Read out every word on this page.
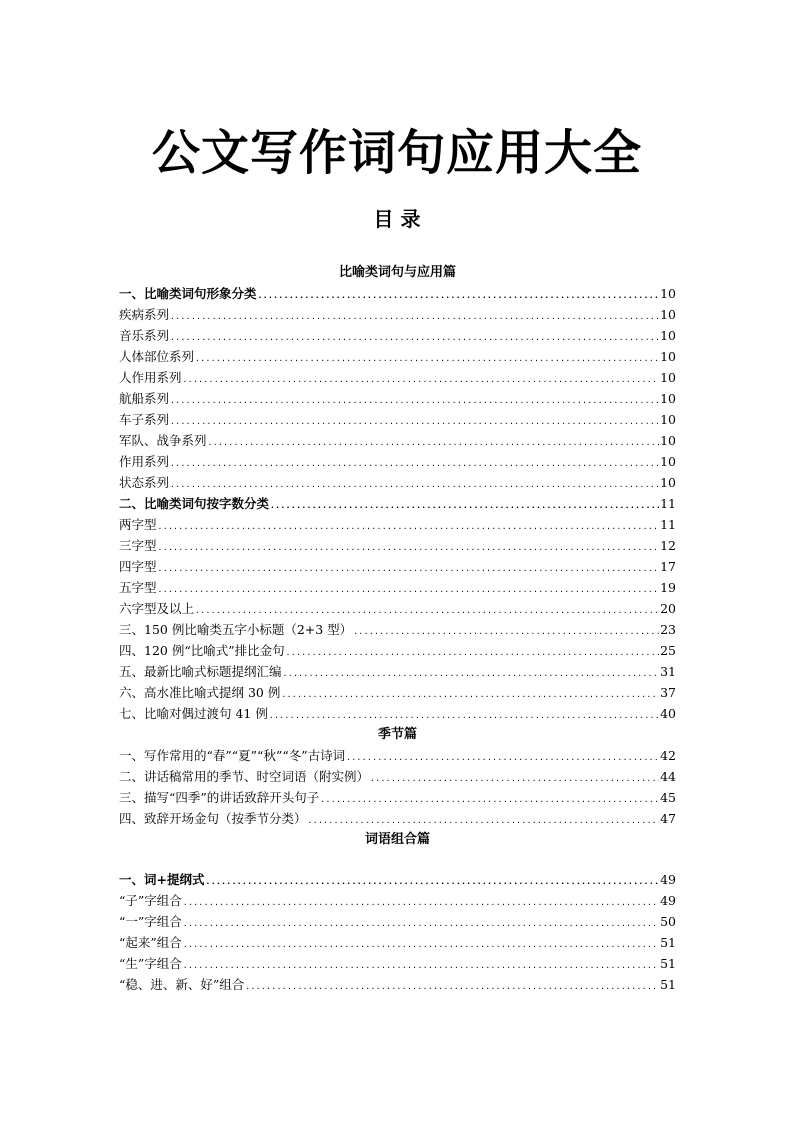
公文写作词句应用大全
目 录
比喻类词句与应用篇
一、比喻类词句形象分类 .....	10
疾病系列 .....	10
音乐系列 .....	10
人体部位系列 .....	10
人作用系列 .....	10
航船系列 .....	10
车子系列 .....	10
军队、战争系列 .....	10
作用系列 .....	10
状态系列 .....	10
二、比喻类词句按字数分类 .....	11
两字型 .....	11
三字型 .....	12
四字型 .....	17
五字型 .....	19
六字型及以上 .....	20
三、150 例比喻类五字小标题（2+3 型） .....	23
四、120 例“比喻式”排比金句 .....	25
五、最新比喻式标题提纲汇编 .....	31
六、高水准比喻式提纲 30 例 .....	37
七、比喻对偶过渡句 41 例 .....	40
季节篇
一、写作常用的“春”“夏”“秋”“冬”古诗词 .....	42
二、讲话稿常用的季节、时空词语（附实例） .....	44
三、描写“四季”的讲话致辞开头句子 .....	45
四、致辞开场金句（按季节分类） .....	47
词语组合篇
一、词+提纲式 .....	49
“子”字组合 .....	49
“一”字组合 .....	50
“起来”组合 .....	51
“生”字组合 .....	51
“稳、进、新、好”组合 .....	51
